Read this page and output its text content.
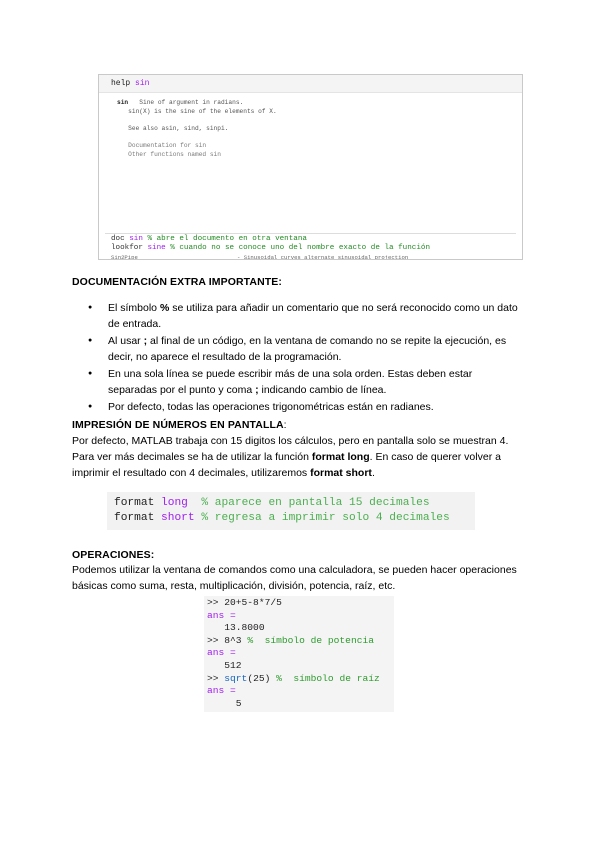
help sin
sin   Sine of argument in radians.
sin(X) is the sine of the elements of X.
See also asin, sind, sinpi.
Documentation for sin
Other functions named sin
doc sin % abre el documento en otra ventana
lookfor sine % cuando no se conoce uno del nombre exacto de la función
Sin2Pipe	- Sinusoidal curves alternate sinusoidal projection
DOCUMENTACIÓN EXTRA IMPORTANTE:
● El símbolo % se utiliza para añadir un comentario que no será reconocido como un dato de entrada.
● Al usar ; al final de un código, en la ventana de comando no se repite la ejecución, es decir, no aparece el resultado de la programación.
● En una sola línea se puede escribir más de una sola orden. Estas deben estar separadas por el punto y coma ; indicando cambio de línea.
● Por defecto, todas las operaciones trigonométricas están en radianes.
IMPRESIÓN DE NÚMEROS EN PANTALLA:

Por defecto, MATLAB trabaja con 15 digitos los cálculos, pero en pantalla solo se muestran 4. Para ver más decimales se ha de utilizar la función format long. En caso de querer volver a imprimir el resultado con 4 decimales, utilizaremos format short.

format long % aparece en pantalla 15 decimales
format short % regresa a imprimir solo 4 decimales
OPERACIONES:

Podemos utilizar la ventana de comandos como una calculadora, se pueden hacer operaciones básicas como suma, resta, multiplicación, división, potencia, raíz, etc.

>> 20+5-8*7/5
ans =
13.8000
>> 8^3 %  símbolo de potencia
ans =
512
>> sqrt(25) %  símbolo de raíz
ans =
5
